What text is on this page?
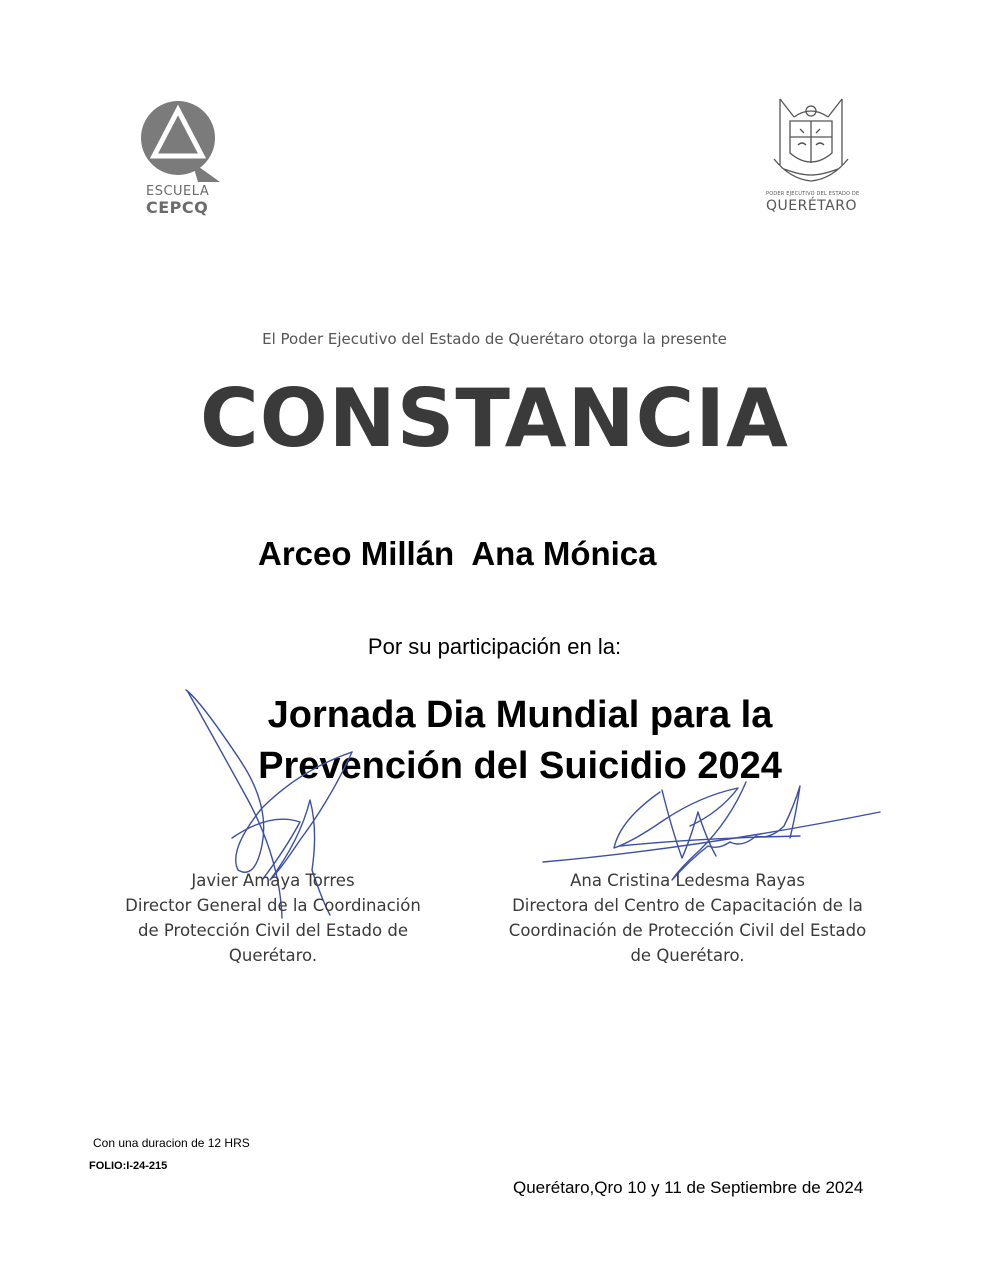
ESCUELA
CEPCQ
PODER EJECUTIVO DEL ESTADO DE
QUERÉTARO
El Poder Ejecutivo del Estado de Querétaro otorga la presente
CONSTANCIA
Arceo Millán  Ana Mónica
Por su participación en la:
Jornada Dia Mundial para la
Prevención del Suicidio 2024
Javier Amaya Torres
Director General de la Coordinación
de Protección Civil del Estado de
Querétaro.
Ana Cristina Ledesma Rayas
Directora del Centro de Capacitación de la
Coordinación de Protección Civil del Estado
de Querétaro.
Con una duracion de 12 HRS
FOLIO:I-24-215
Querétaro,Qro 10 y 11 de Septiembre de 2024
